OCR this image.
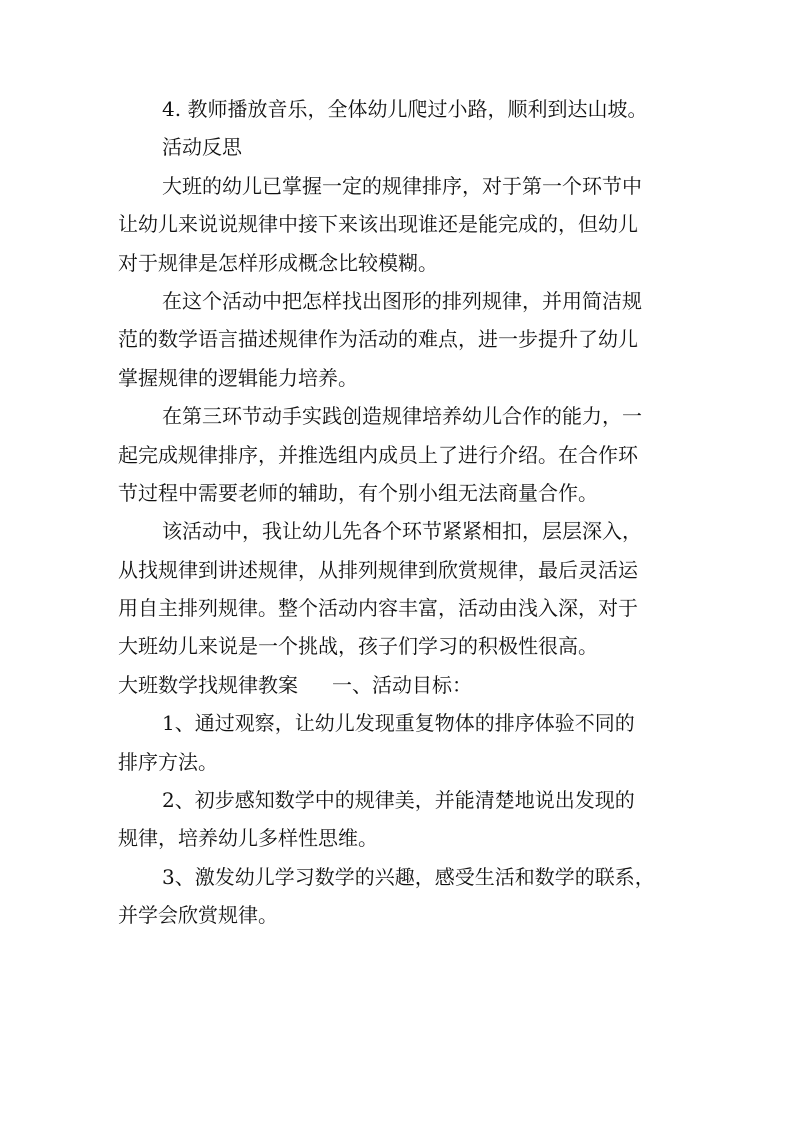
4. 教师播放音乐，全体幼儿爬过小路，顺利到达山坡。
活动反思
大班的幼儿已掌握一定的规律排序，对于第一个环节中
让幼儿来说说规律中接下来该出现谁还是能完成的，但幼儿
对于规律是怎样形成概念比较模糊。
在这个活动中把怎样找出图形的排列规律，并用简洁规
范的数学语言描述规律作为活动的难点，进一步提升了幼儿
掌握规律的逻辑能力培养。
在第三环节动手实践创造规律培养幼儿合作的能力，一
起完成规律排序，并推选组内成员上了进行介绍。在合作环
节过程中需要老师的辅助，有个别小组无法商量合作。
该活动中，我让幼儿先各个环节紧紧相扣，层层深入，
从找规律到讲述规律，从排列规律到欣赏规律，最后灵活运
用自主排列规律。整个活动内容丰富，活动由浅入深，对于
大班幼儿来说是一个挑战，孩子们学习的积极性很高。
大班数学找规律教案 一、活动目标：
1、通过观察，让幼儿发现重复物体的排序体验不同的
排序方法。
2、初步感知数学中的规律美，并能清楚地说出发现的
规律，培养幼儿多样性思维。
3、激发幼儿学习数学的兴趣，感受生活和数学的联系，
并学会欣赏规律。
